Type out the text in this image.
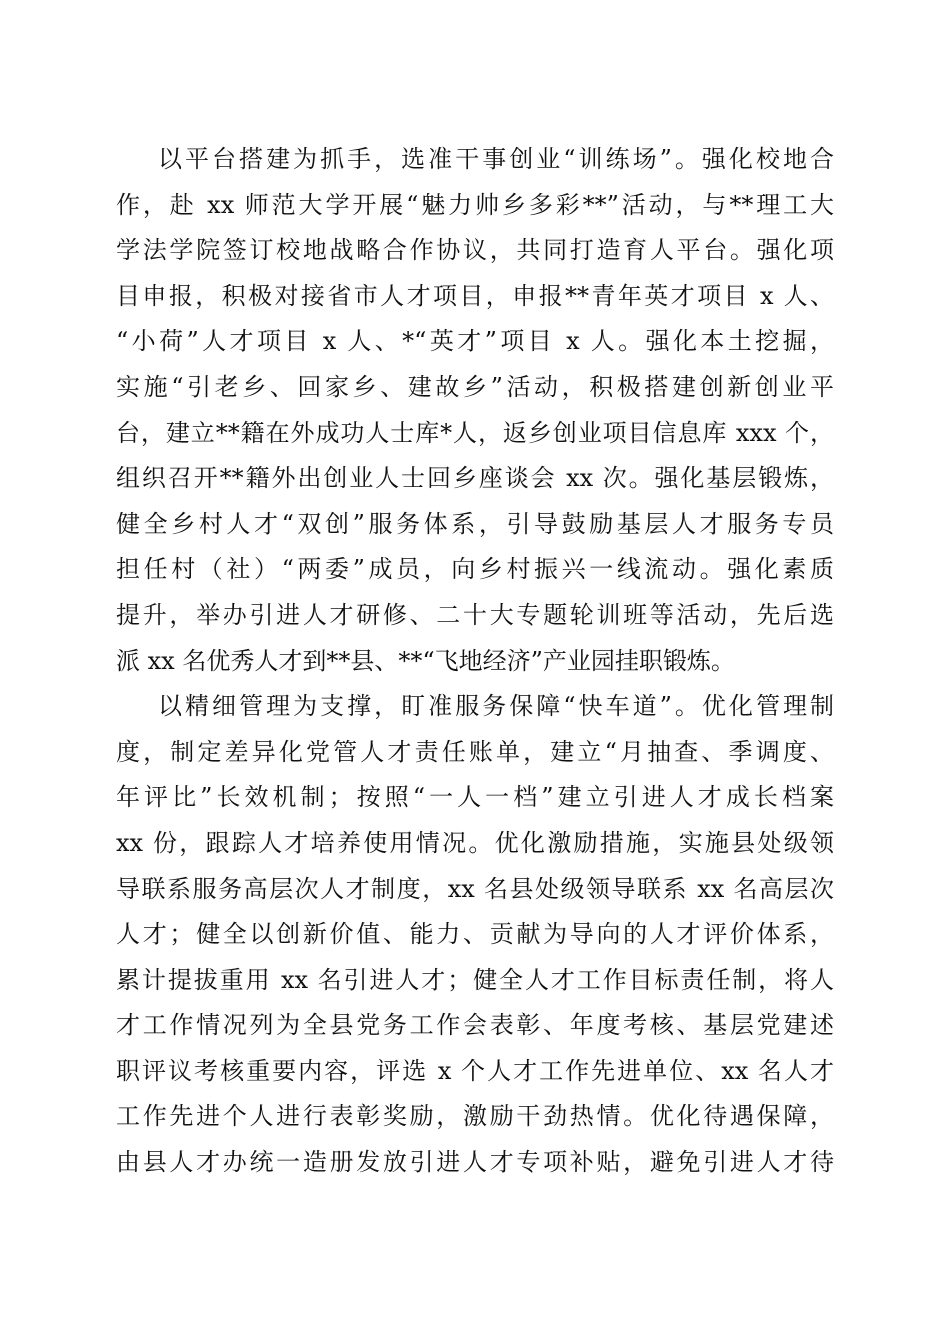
以平台搭建为抓手，选准干事创业“训练场”。强化校地合
作，赴 xx 师范大学开展“魅力帅乡多彩**”活动，与**理工大
学法学院签订校地战略合作协议，共同打造育人平台。强化项
目申报，积极对接省市人才项目，申报**青年英才项目 x 人、
“小荷”人才项目 x 人、*“英才”项目 x 人。强化本土挖掘，
实施“引老乡、回家乡、建故乡”活动，积极搭建创新创业平
台，建立**籍在外成功人士库*人，返乡创业项目信息库 xxx 个，
组织召开**籍外出创业人士回乡座谈会 xx 次。强化基层锻炼，
健全乡村人才“双创”服务体系，引导鼓励基层人才服务专员
担任村（社）“两委”成员，向乡村振兴一线流动。强化素质
提升，举办引进人才研修、二十大专题轮训班等活动，先后选
派 xx 名优秀人才到**县、**“飞地经济”产业园挂职锻炼。
以精细管理为支撑，盯准服务保障“快车道”。优化管理制
度，制定差异化党管人才责任账单，建立“月抽查、季调度、
年评比”长效机制；按照“一人一档”建立引进人才成长档案
xx 份，跟踪人才培养使用情况。优化激励措施，实施县处级领
导联系服务高层次人才制度，xx 名县处级领导联系 xx 名高层次
人才；健全以创新价值、能力、贡献为导向的人才评价体系，
累计提拔重用 xx 名引进人才；健全人才工作目标责任制，将人
才工作情况列为全县党务工作会表彰、年度考核、基层党建述
职评议考核重要内容，评选 x 个人才工作先进单位、xx 名人才
工作先进个人进行表彰奖励，激励干劲热情。优化待遇保障，
由县人才办统一造册发放引进人才专项补贴，避免引进人才待
